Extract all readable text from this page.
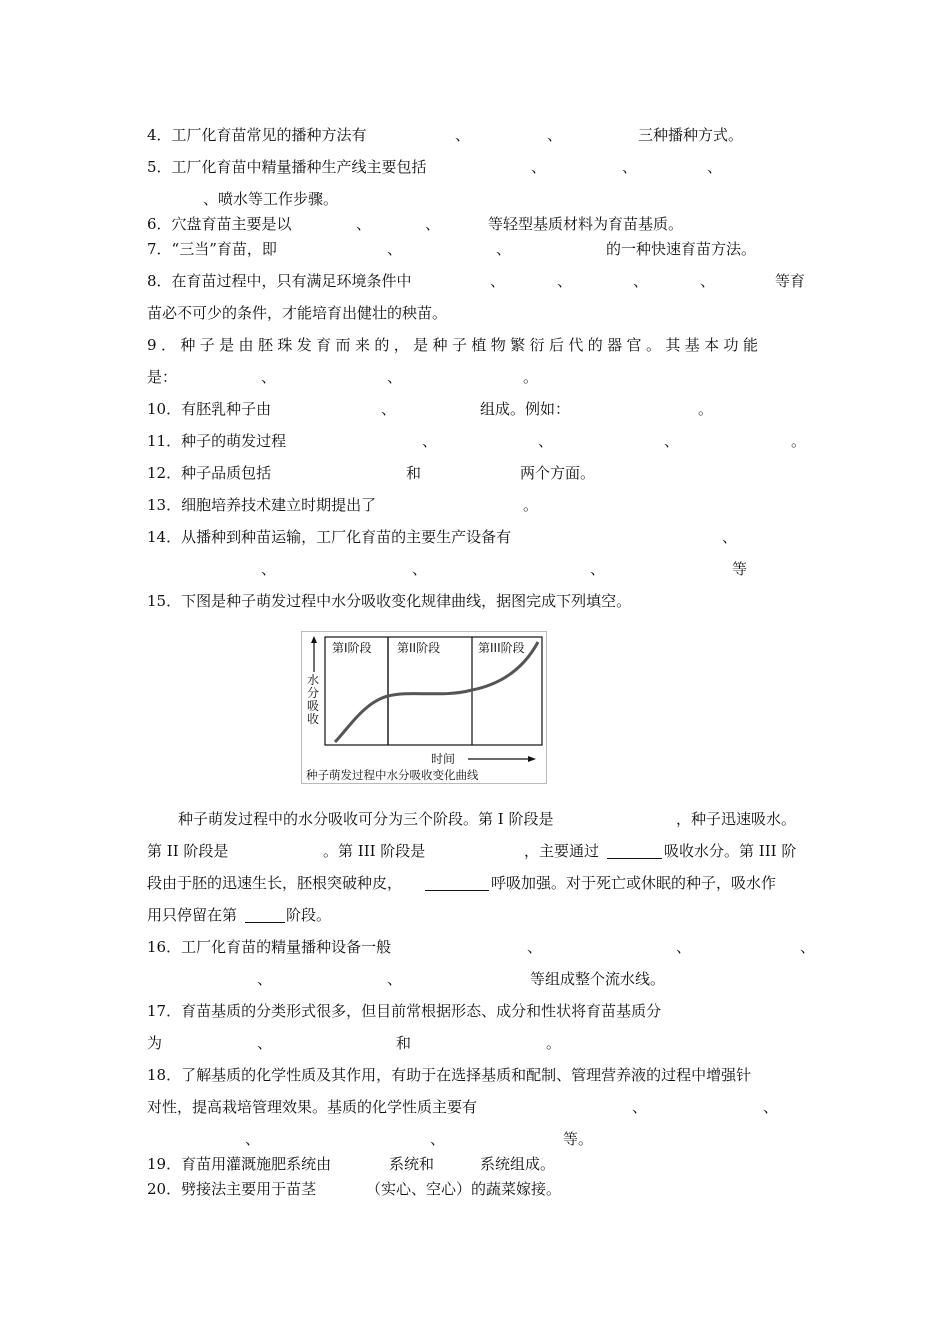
4．工厂化育苗常见的播种方法有	、	、	三种播种方式。
5．工厂化育苗中精量播种生产线主要包括	、	、	、
、喷水等工作步骤。
6．穴盘育苗主要是以	、	、	等轻型基质材料为育苗基质。
7．“三当”育苗，即	、	、	的一种快速育苗方法。
8．在育苗过程中，只有满足环境条件中	、	、	、	、	等育
苗必不可少的条件，才能培育出健壮的秧苗。
9．种子是由胚珠发育而来的，是种子植物繁衍后代的器官。其基本功能
是：	、	、	。
10．有胚乳种子由	、	组成。例如：	。
11．种子的萌发过程	、	、	、	。
12．种子品质包括	和	两个方面。
13．细胞培养技术建立时期提出了	。
14．从播种到种苗运输，工厂化育苗的主要生产设备有	、
、	、	、	等
15．下图是种子萌发过程中水分吸收变化规律曲线，据图完成下列填空。
第I阶段 第II阶段	第III阶段
时间
种子萌发过程中水分吸收变化曲线
水分吸收
种子萌发过程中的水分吸收可分为三个阶段。第 I 阶段是	，种子迅速吸水。
第 II 阶段是	。第 III 阶段是	，主要通过	吸收水分。第 III 阶
段由于胚的迅速生长，胚根突破种皮，	呼吸加强。对于死亡或休眠的种子，吸水作
用只停留在第	阶段。
16．工厂化育苗的精量播种设备一般	、	、	、
、	、	等组成整个流水线。
17．育苗基质的分类形式很多，但目前常根据形态、成分和性状将育苗基质分
为	、	和	。
18．了解基质的化学性质及其作用，有助于在选择基质和配制、管理营养液的过程中增强针
对性，提高栽培管理效果。基质的化学性质主要有	、	、
、	、	等。
19．育苗用灌溉施肥系统由	系统和	系统组成。
20．劈接法主要用于苗茎	（实心、空心）的蔬菜嫁接。
